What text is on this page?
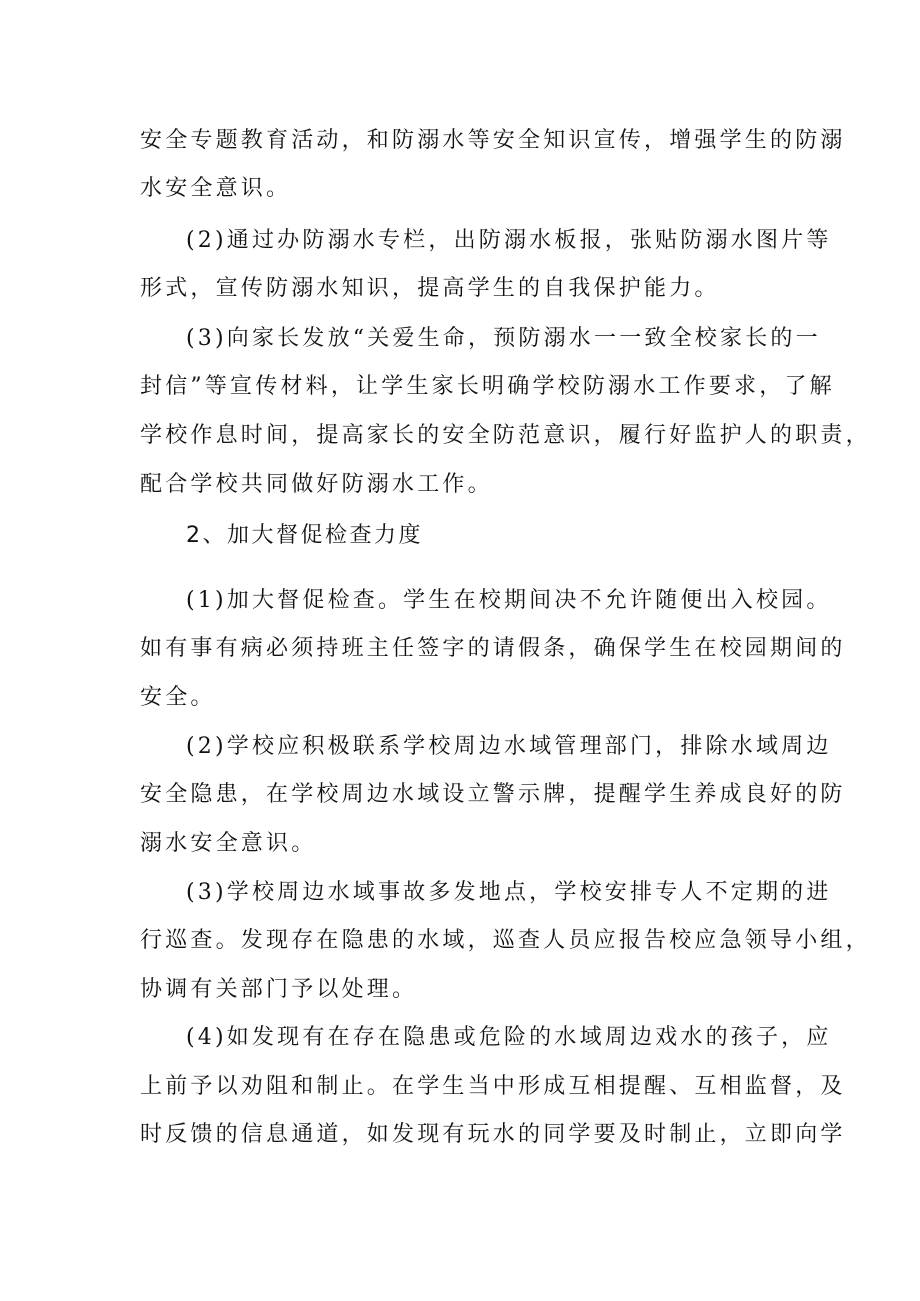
安全专题教育活动，和防溺水等安全知识宣传，增强学生的防溺
水安全意识。
(2)通过办防溺水专栏，出防溺水板报，张贴防溺水图片等
形式，宣传防溺水知识，提高学生的自我保护能力。
(3)向家长发放“关爱生命，预防溺水一一致全校家长的一
封信”等宣传材料，让学生家长明确学校防溺水工作要求，了解
学校作息时间，提高家长的安全防范意识，履行好监护人的职责，
配合学校共同做好防溺水工作。
2、加大督促检查力度
(1)加大督促检查。学生在校期间决不允许随便出入校园。
如有事有病必须持班主任签字的请假条，确保学生在校园期间的
安全。
(2)学校应积极联系学校周边水域管理部门，排除水域周边
安全隐患，在学校周边水域设立警示牌，提醒学生养成良好的防
溺水安全意识。
(3)学校周边水域事故多发地点，学校安排专人不定期的进
行巡查。发现存在隐患的水域，巡查人员应报告校应急领导小组，
协调有关部门予以处理。
(4)如发现有在存在隐患或危险的水域周边戏水的孩子，应
上前予以劝阻和制止。在学生当中形成互相提醒、互相监督，及
时反馈的信息通道，如发现有玩水的同学要及时制止，立即向学
